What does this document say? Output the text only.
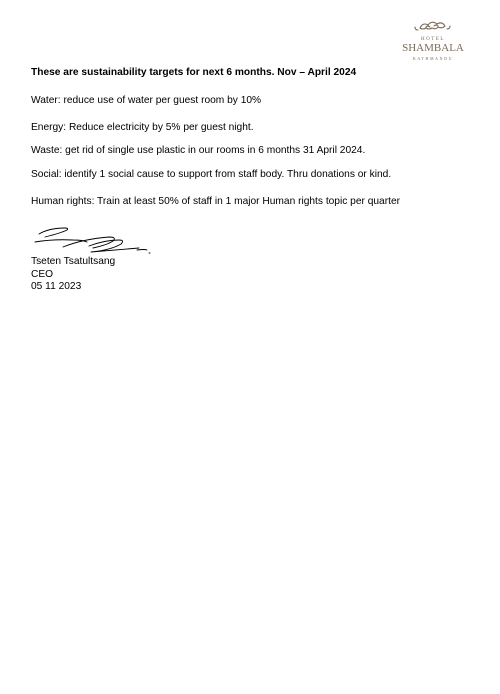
HOTEL
SHAMBALA
KATHMANDU

These are sustainability targets for next 6 months. Nov – April 2024

Water: reduce use of water per guest room by 10%

Energy: Reduce electricity by 5% per guest night.

Waste: get rid of single use plastic in our rooms in 6 months 31 April 2024.

Social: identify 1 social cause to support from staff body. Thru donations or kind.

Human rights: Train at least 50% of staff in 1 major Human rights topic per quarter

Tseten Tsatultsang
CEO
05 11 2023
